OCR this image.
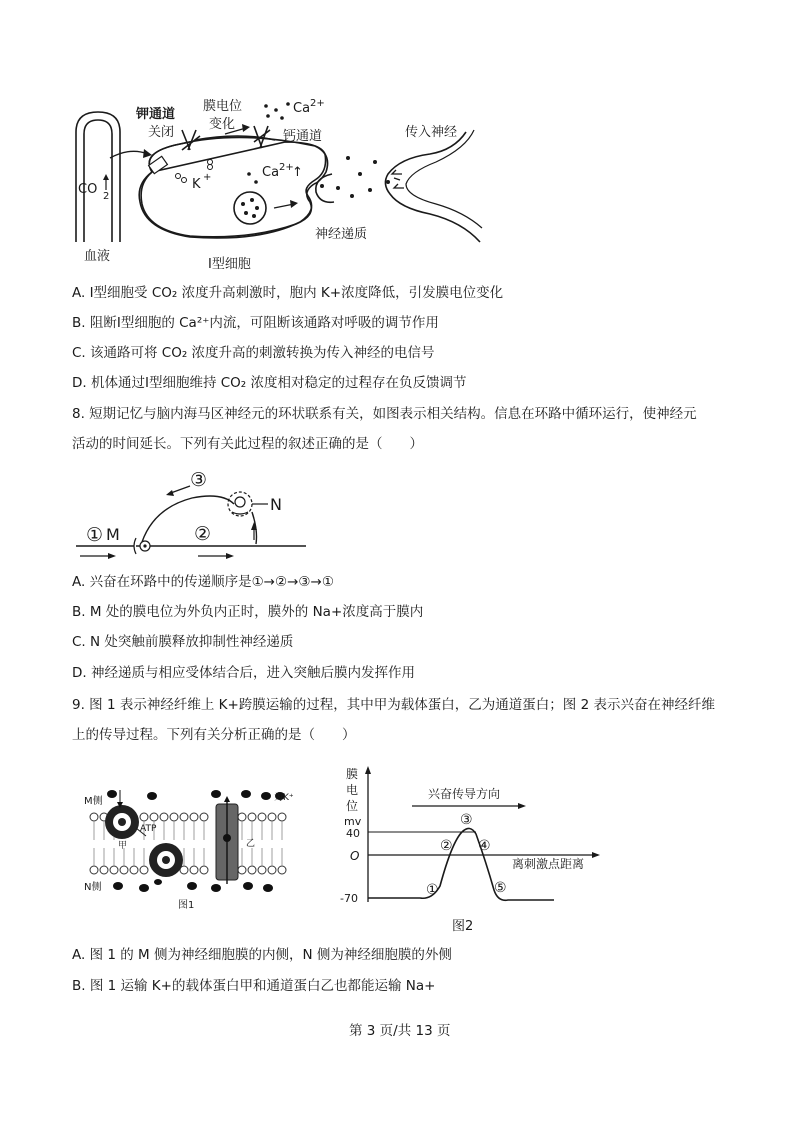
CO 2
血液
钾通道
关闭
K +
膜电位
变化
钙通道
Ca 2+
Ca 2+
↑
神经递质
Ⅰ型细胞
传入神经
A. Ⅰ型细胞受 CO₂ 浓度升高刺激时，胞内 K+浓度降低，引发膜电位变化
B. 阻断Ⅰ型细胞的 Ca²⁺内流，可阻断该通路对呼吸的调节作用
C. 该通路可将 CO₂ 浓度升高的刺激转换为传入神经的电信号
D. 机体通过Ⅰ型细胞维持 CO₂ 浓度相对稳定的过程存在负反馈调节
8. 短期记忆与脑内海马区神经元的环状联系有关，如图表示相关结构。信息在环路中循环运行，使神经元
活动的时间延长。下列有关此过程的叙述正确的是（　　）
① M	②
③
N
A. 兴奋在环路中的传递顺序是①→②→③→①
B. M 处的膜电位为外负内正时，膜外的 Na+浓度高于膜内
C. N 处突触前膜释放抑制性神经递质
D. 神经递质与相应受体结合后，进入突触后膜内发挥作用
9. 图 1 表示神经纤维上 K+跨膜运输的过程，其中甲为载体蛋白，乙为通道蛋白；图 2 表示兴奋在神经纤维
上的传导过程。下列有关分析正确的是（　　）
M侧
N侧
ATP
甲	乙
为K⁺
图1
膜
电
位
mv
40
O
-70
兴奋传导方向
离刺激点距离
①
②
③
④
⑤
图2
A. 图 1 的 M 侧为神经细胞膜的内侧，N 侧为神经细胞膜的外侧
B. 图 1 运输 K+的载体蛋白甲和通道蛋白乙也都能运输 Na+
第 3 页/共 13 页
